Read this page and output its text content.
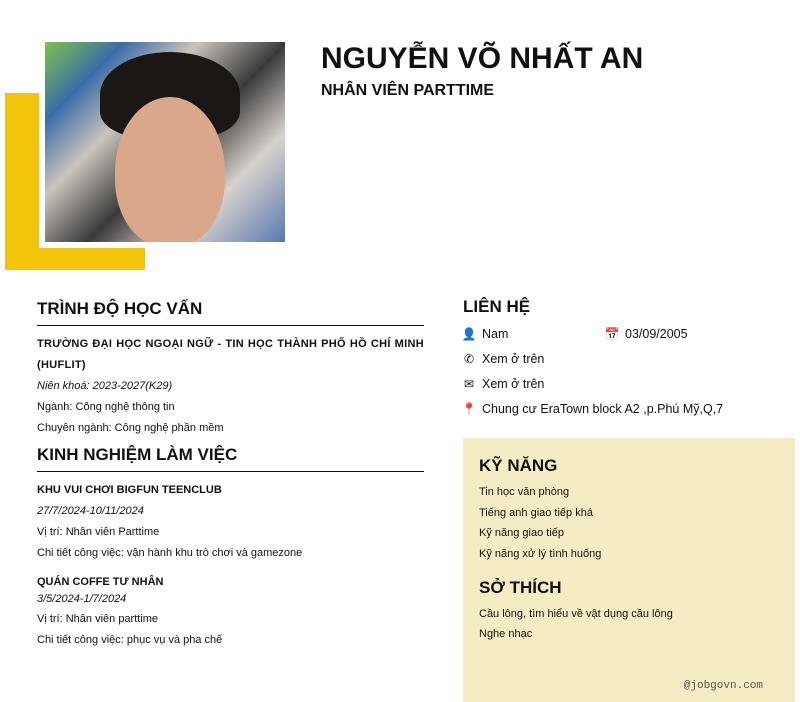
NGUYỄN VÕ NHẤT AN
NHÂN VIÊN PARTTIME
TRÌNH ĐỘ HỌC VẤN
TRƯỜNG ĐẠI HỌC NGOẠI NGỮ - TIN HỌC THÀNH PHỐ HỒ CHÍ MINH (HUFLIT)
Niên khoá: 2023-2027(K29)
Ngành: Công nghệ thông tin
Chuyên ngành: Công nghệ phần mềm
KINH NGHIỆM LÀM VIỆC
KHU VUI CHƠI BIGFUN TEENCLUB
27/7/2024-10/11/2024
Vị trí: Nhân viên Parttime
Chi tiết công việc: vận hành khu trò chơi và gamezone
QUÁN COFFE TƯ NHÂN
3/5/2024-1/7/2024
Vị trí: Nhân viên parttime
Chi tiết công việc: phục vụ và pha chế
LIÊN HỆ
👤 Nam	📅 03/09/2005
✆ Xem ở trên
✉ Xem ở trên
📍 Chung cư EraTown block A2 ,p.Phú Mỹ,Q,7
KỸ NĂNG
Tin học văn phòng
Tiếng anh giao tiếp khá
Kỹ năng giao tiếp
Kỹ năng xử lý tình huống
SỞ THÍCH
Cầu lông, tìm hiểu về vật dụng cầu lông
Nghe nhạc
@jobgovn.com
